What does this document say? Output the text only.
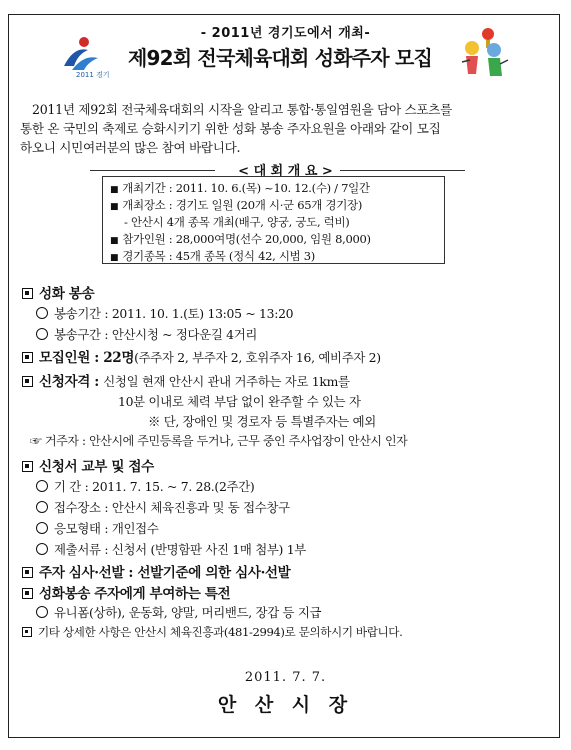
2011 경기
- 2011년 경기도에서 개최-
제92회 전국체육대회 성화주자 모집
2011년 제92회 전국체육대회의 시작을 알리고 통합·통일염원을 담아 스포츠를
통한 온 국민의 축제로 승화시키기 위한 성화 봉송 주자요원을 아래와 같이 모집
하오니 시민여러분의 많은 참여 바랍니다.
< 대 회 개 요 >
■ 개최기간 : 2011. 10. 6.(목) ~10. 12.(수) / 7일간
■ 개최장소 : 경기도 일원 (20개 시·군 65개 경기장)
- 안산시 4개 종목 개최(배구, 양궁, 궁도, 럭비)
■ 참가인원 : 28,000여명(선수 20,000, 임원 8,000)
■ 경기종목 : 45개 종목 (정식 42, 시범 3)
성화 봉송
봉송기간 : 2011. 10. 1.(토) 13:05 ~ 13:20
봉송구간 : 안산시청 ~ 정다운길 4거리
모집인원 : 22명(주주자 2, 부주자 2, 호위주자 16, 예비주자 2)
신청자격 : 신청일 현재 안산시 관내 거주하는 자로 1km를
10분 이내로 체력 부담 없이 완주할 수 있는 자
※ 단, 장애인 및 경로자 등 특별주자는 예외
☞ 거주자 : 안산시에 주민등록을 두거나, 근무 중인 주사업장이 안산시 인자
신청서 교부 및 접수
기 간 : 2011. 7. 15. ~ 7. 28.(2주간)
접수장소 : 안산시 체육진흥과 및 동 접수창구
응모형태 : 개인접수
제출서류 : 신청서 (반명함판 사진 1매 첨부) 1부
주자 심사·선발 : 선발기준에 의한 심사·선발
성화봉송 주자에게 부여하는 특전
유니폼(상하), 운동화, 양말, 머리밴드, 장갑 등 지급
기타 상세한 사항은 안산시 체육진흥과(481-2994)로 문의하시기 바랍니다.
2011. 7. 7.
안 산 시 장
